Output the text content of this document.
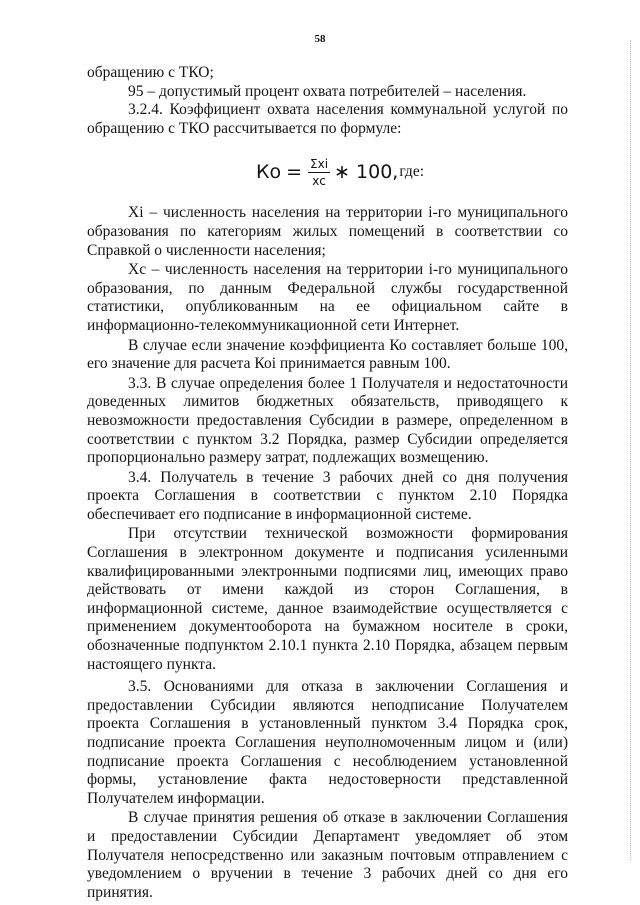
58

обращению с ТКО;

95 – допустимый процент охвата потребителей – населения.

3.2.4. Коэффициент охвата населения коммунальной услугой по обращению с ТКО рассчитывается по формуле:

Ко = $\frac{\text{Σxi}}{xс}$ ∗ 100, где:

Xi – численность населения на территории i-го муниципального образования по категориям жилых помещений в соответствии со Справкой о численности населения;

Xc – численность населения на территории i-го муниципального образования, по данным Федеральной службы государственной статистики, опубликованным на ее официальном сайте в информационно-телекоммуникационной сети Интернет.

В случае если значение коэффициента Ко составляет больше 100, его значение для расчета Коi принимается равным 100.

3.3. В случае определения более 1 Получателя и недостаточности доведенных лимитов бюджетных обязательств, приводящего к невозможности предоставления Субсидии в размере, определенном в соответствии с пунктом 3.2 Порядка, размер Субсидии определяется пропорционально размеру затрат, подлежащих возмещению.

3.4. Получатель в течение 3 рабочих дней со дня получения проекта Соглашения в соответствии с пунктом 2.10 Порядка обеспечивает его подписание в информационной системе.

При отсутствии технической возможности формирования Соглашения в электронном документе и подписания усиленными квалифицированными электронными подписями лиц, имеющих право действовать от имени каждой из сторон Соглашения, в информационной системе, данное взаимодействие осуществляется с применением документооборота на бумажном носителе в сроки, обозначенные подпунктом 2.10.1 пункта 2.10 Порядка, абзацем первым настоящего пункта.

3.5. Основаниями для отказа в заключении Соглашения и предоставлении Субсидии являются неподписание Получателем проекта Соглашения в установленный пунктом 3.4 Порядка срок, подписание проекта Соглашения неуполномоченным лицом и (или) подписание проекта Соглашения с несоблюдением установленной формы, установление факта недостоверности представленной Получателем информации.

В случае принятия решения об отказе в заключении Соглашения и предоставлении Субсидии Департамент уведомляет об этом Получателя непосредственно или заказным почтовым отправлением с уведомлением о вручении в течение 3 рабочих дней со дня его принятия.
